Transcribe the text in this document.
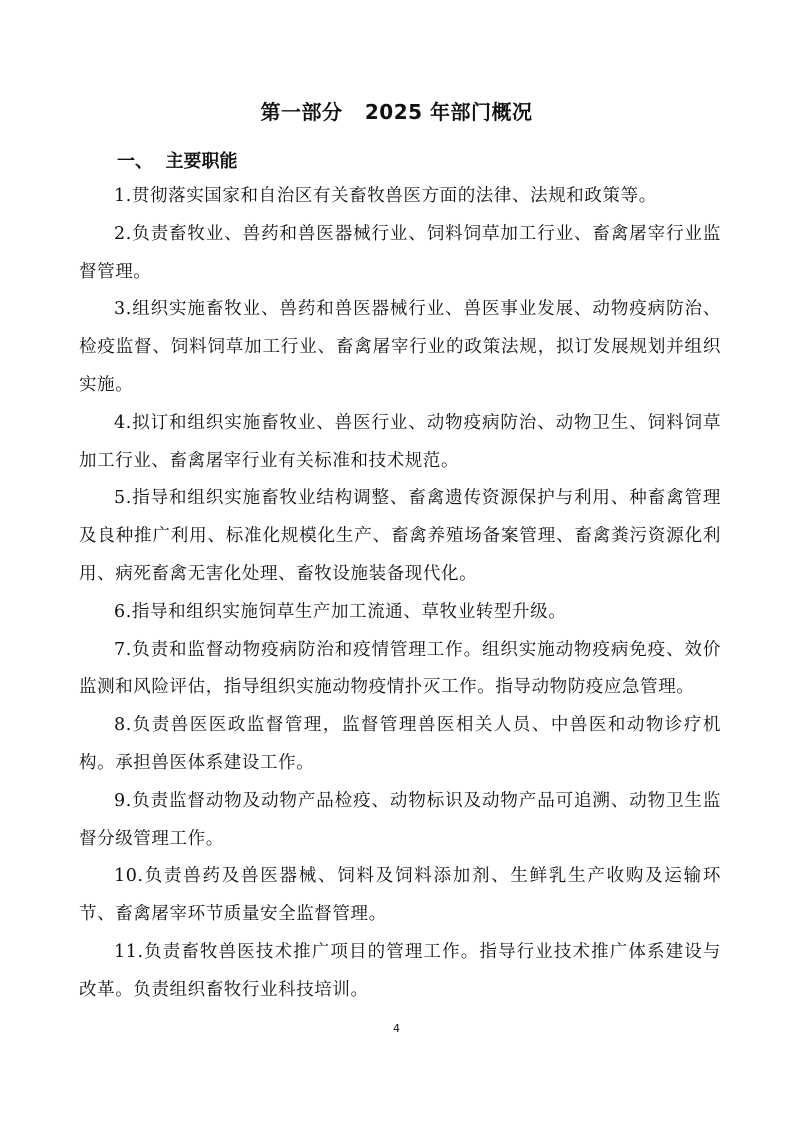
第一部分   2025 年部门概况
一、  主要职能

1.贯彻落实国家和自治区有关畜牧兽医方面的法律、法规和政策等。

2.负责畜牧业、兽药和兽医器械行业、饲料饲草加工行业、畜禽屠宰行业监督管理。

3.组织实施畜牧业、兽药和兽医器械行业、兽医事业发展、动物疫病防治、检疫监督、饲料饲草加工行业、畜禽屠宰行业的政策法规，拟订发展规划并组织实施。

4.拟订和组织实施畜牧业、兽医行业、动物疫病防治、动物卫生、饲料饲草加工行业、畜禽屠宰行业有关标准和技术规范。

5.指导和组织实施畜牧业结构调整、畜禽遗传资源保护与利用、种畜禽管理及良种推广利用、标准化规模化生产、畜禽养殖场备案管理、畜禽粪污资源化利用、病死畜禽无害化处理、畜牧设施装备现代化。

6.指导和组织实施饲草生产加工流通、草牧业转型升级。

7.负责和监督动物疫病防治和疫情管理工作。组织实施动物疫病免疫、效价监测和风险评估，指导组织实施动物疫情扑灭工作。指导动物防疫应急管理。

8.负责兽医医政监督管理，监督管理兽医相关人员、中兽医和动物诊疗机构。承担兽医体系建设工作。

9.负责监督动物及动物产品检疫、动物标识及动物产品可追溯、动物卫生监督分级管理工作。

10.负责兽药及兽医器械、饲料及饲料添加剂、生鲜乳生产收购及运输环节、畜禽屠宰环节质量安全监督管理。

11.负责畜牧兽医技术推广项目的管理工作。指导行业技术推广体系建设与改革。负责组织畜牧行业科技培训。

4
